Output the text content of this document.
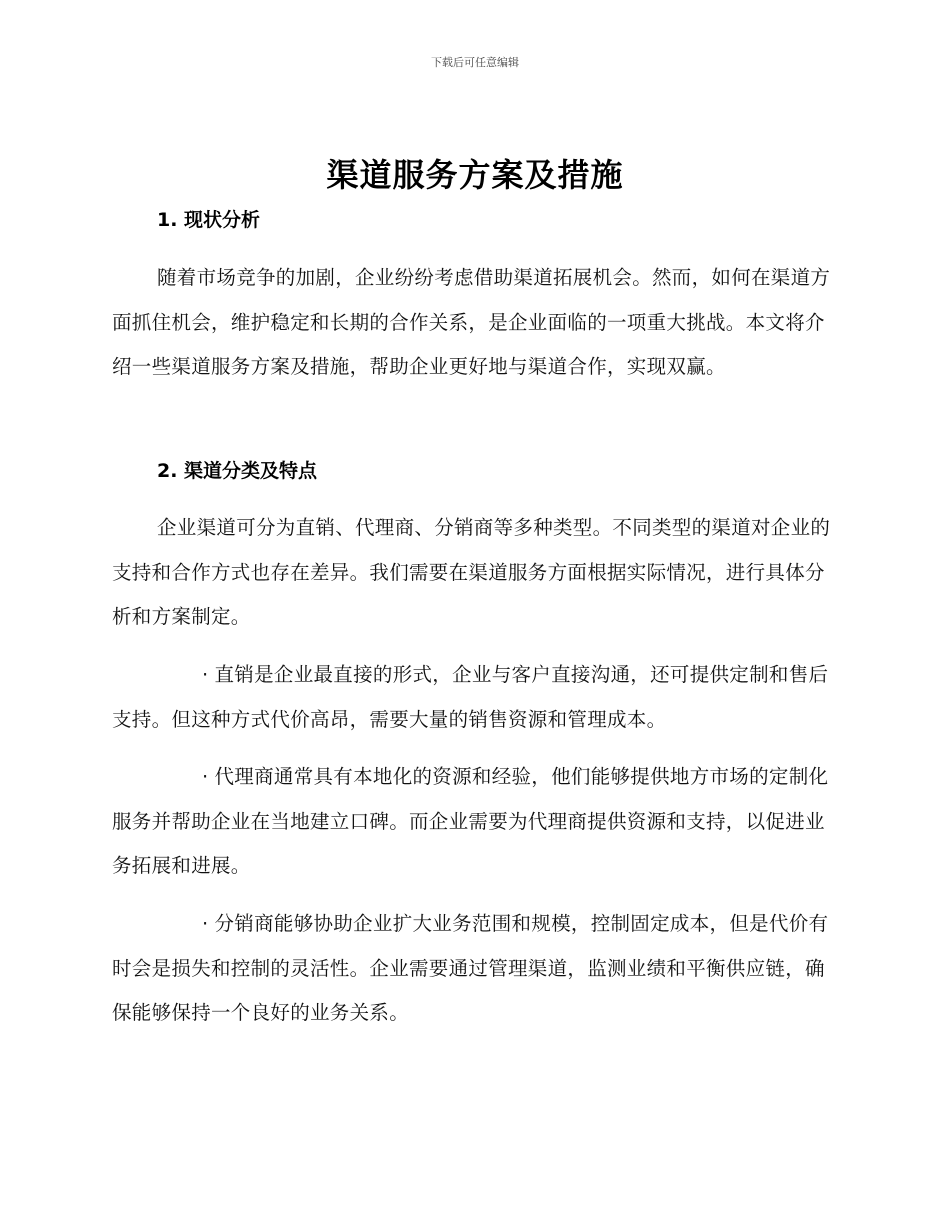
下载后可任意编辑
渠道服务方案及措施
1. 现状分析

随着市场竞争的加剧，企业纷纷考虑借助渠道拓展机会。然而，如何在渠道方面抓住机会，维护稳定和长期的合作关系，是企业面临的一项重大挑战。本文将介绍一些渠道服务方案及措施，帮助企业更好地与渠道合作，实现双赢。

2. 渠道分类及特点

企业渠道可分为直销、代理商、分销商等多种类型。不同类型的渠道对企业的支持和合作方式也存在差异。我们需要在渠道服务方面根据实际情况，进行具体分析和方案制定。

· 直销是企业最直接的形式，企业与客户直接沟通，还可提供定制和售后支持。但这种方式代价高昂，需要大量的销售资源和管理成本。

· 代理商通常具有本地化的资源和经验，他们能够提供地方市场的定制化服务并帮助企业在当地建立口碑。而企业需要为代理商提供资源和支持，以促进业务拓展和进展。

· 分销商能够协助企业扩大业务范围和规模，控制固定成本，但是代价有时会是损失和控制的灵活性。企业需要通过管理渠道，监测业绩和平衡供应链，确保能够保持一个良好的业务关系。
